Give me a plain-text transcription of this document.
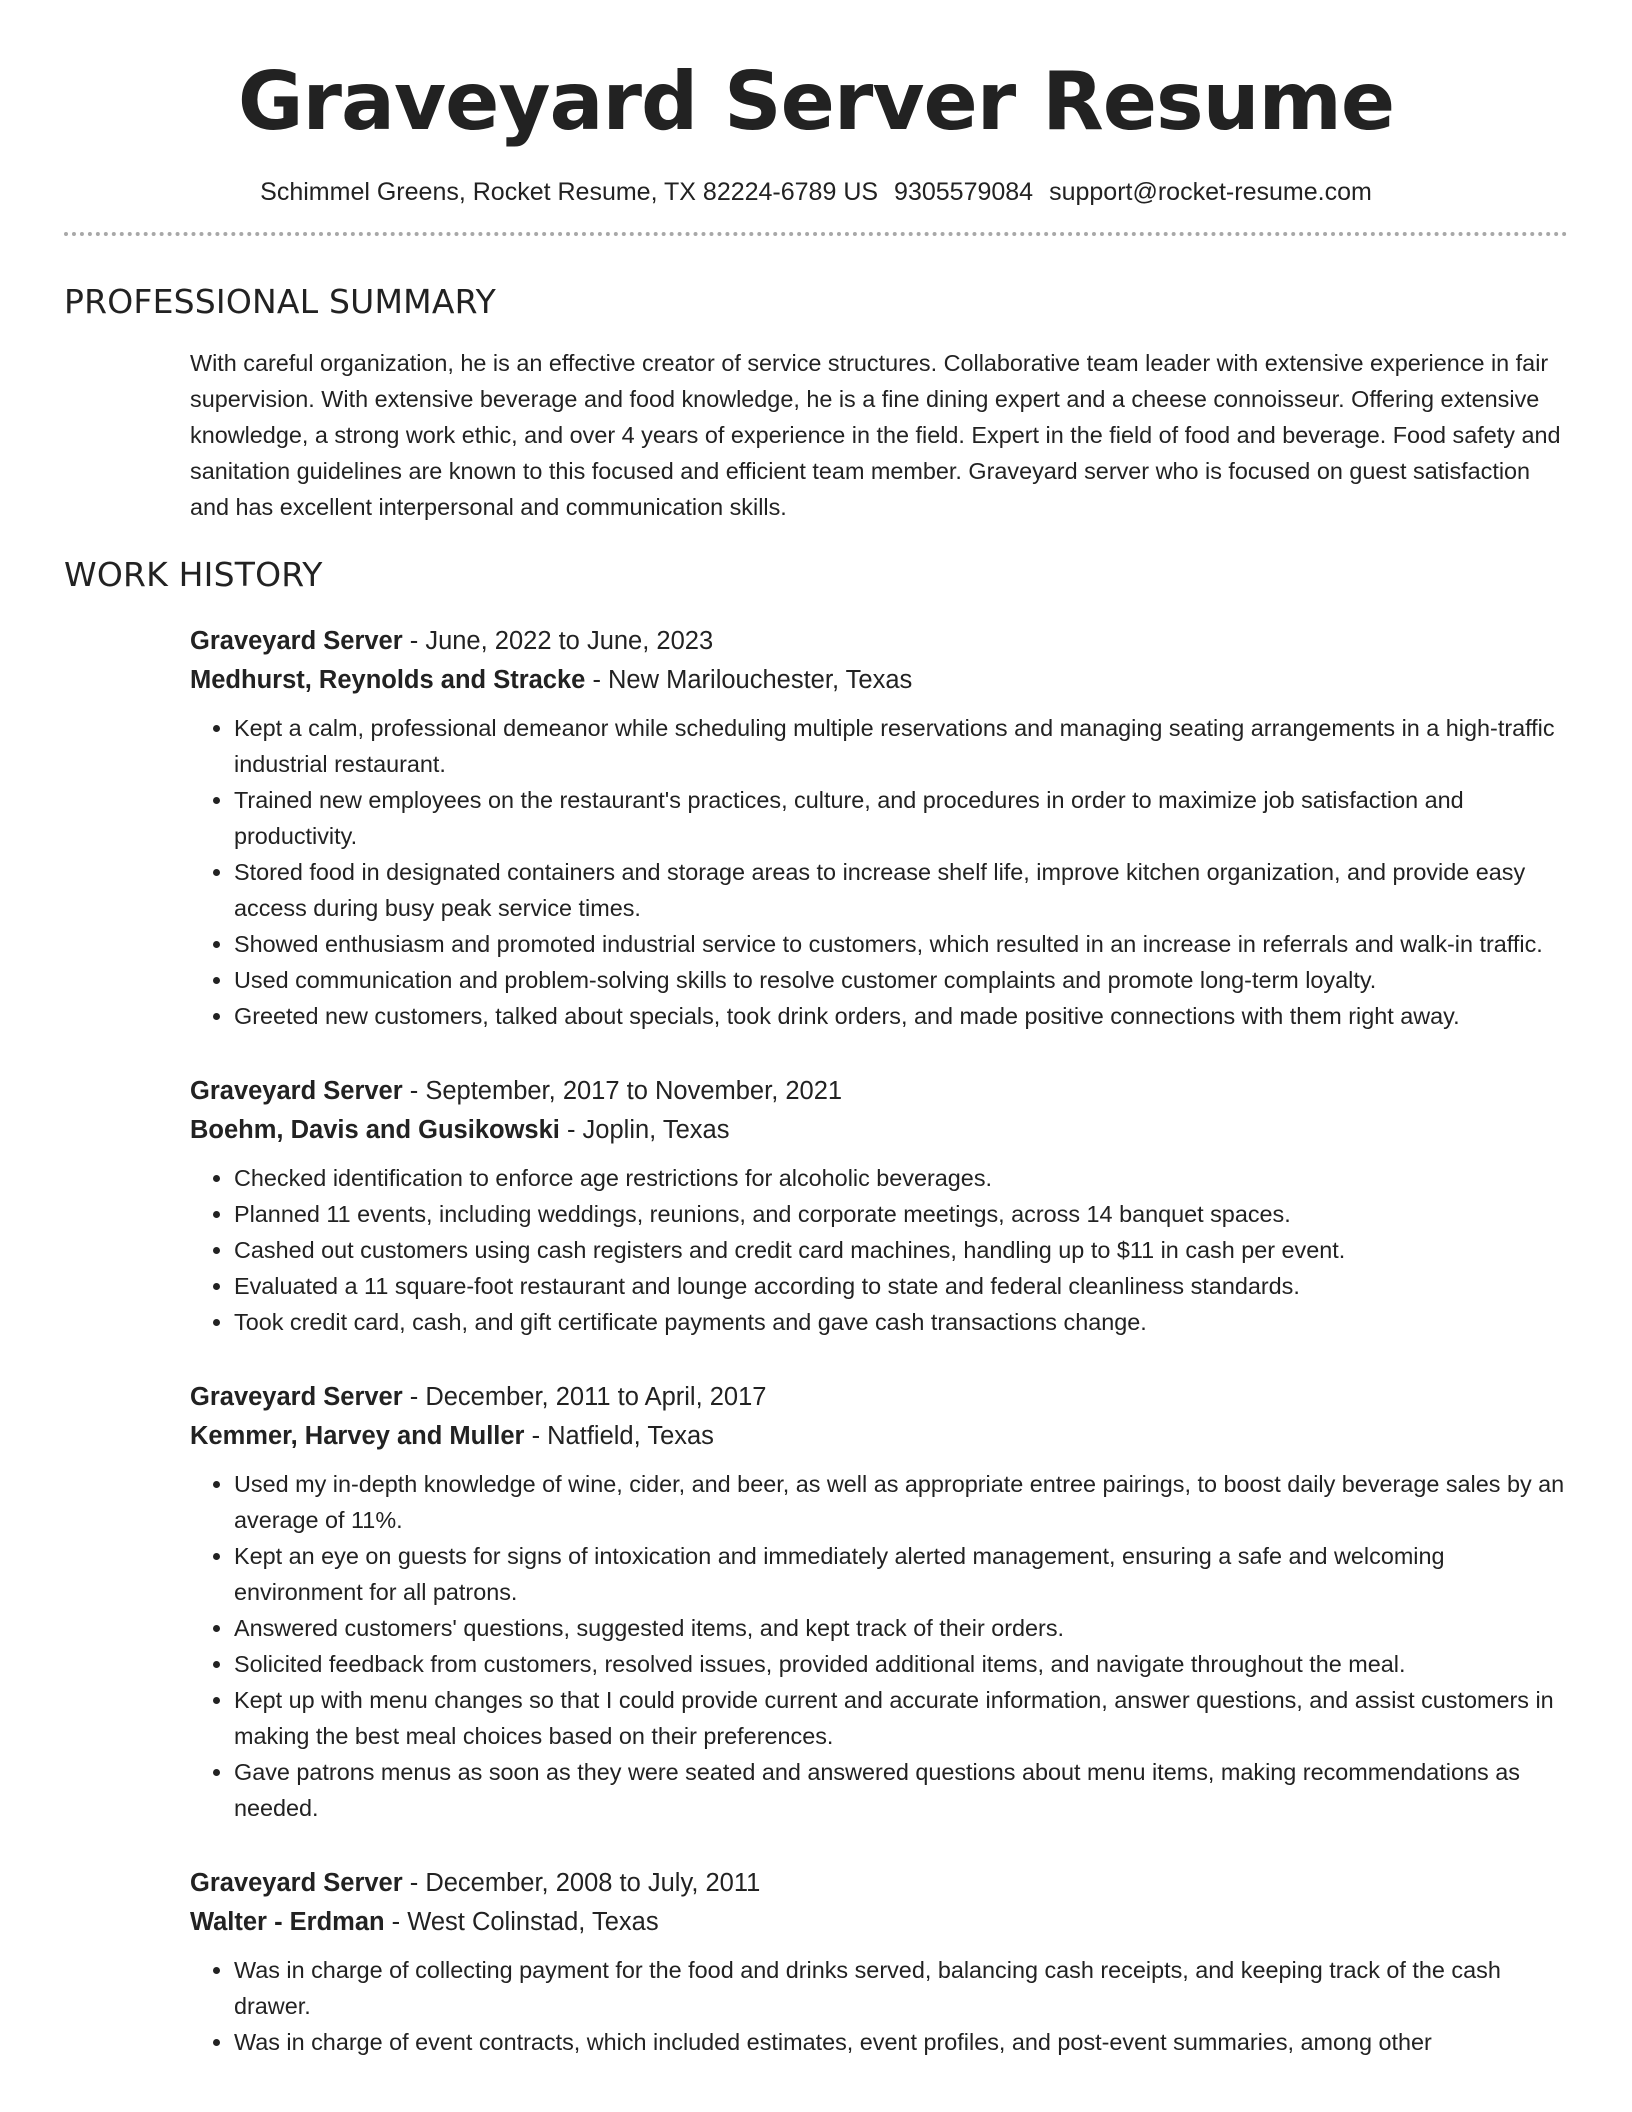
Graveyard Server Resume
Schimmel Greens, Rocket Resume, TX 82224-6789 US 9305579084 support@rocket-resume.com
PROFESSIONAL SUMMARY

With careful organization, he is an effective creator of service structures. Collaborative team leader with extensive experience in fair supervision. With extensive beverage and food knowledge, he is a fine dining expert and a cheese connoisseur. Offering extensive knowledge, a strong work ethic, and over 4 years of experience in the field. Expert in the field of food and beverage. Food safety and sanitation guidelines are known to this focused and efficient team member. Graveyard server who is focused on guest satisfaction and has excellent interpersonal and communication skills.

WORK HISTORY
Graveyard Server - June, 2022 to June, 2023
Medhurst, Reynolds and Stracke - New Marilouchester, Texas
• Kept a calm, professional demeanor while scheduling multiple reservations and managing seating arrangements in a high-traffic industrial restaurant.
• Trained new employees on the restaurant's practices, culture, and procedures in order to maximize job satisfaction and productivity.
• Stored food in designated containers and storage areas to increase shelf life, improve kitchen organization, and provide easy access during busy peak service times.
• Showed enthusiasm and promoted industrial service to customers, which resulted in an increase in referrals and walk-in traffic.
• Used communication and problem-solving skills to resolve customer complaints and promote long-term loyalty.
• Greeted new customers, talked about specials, took drink orders, and made positive connections with them right away.
Graveyard Server - September, 2017 to November, 2021
Boehm, Davis and Gusikowski - Joplin, Texas
• Checked identification to enforce age restrictions for alcoholic beverages.
• Planned 11 events, including weddings, reunions, and corporate meetings, across 14 banquet spaces.
• Cashed out customers using cash registers and credit card machines, handling up to $11 in cash per event.
• Evaluated a 11 square-foot restaurant and lounge according to state and federal cleanliness standards.
• Took credit card, cash, and gift certificate payments and gave cash transactions change.
Graveyard Server - December, 2011 to April, 2017
Kemmer, Harvey and Muller - Natfield, Texas
• Used my in-depth knowledge of wine, cider, and beer, as well as appropriate entree pairings, to boost daily beverage sales by an average of 11%.
• Kept an eye on guests for signs of intoxication and immediately alerted management, ensuring a safe and welcoming environment for all patrons.
• Answered customers' questions, suggested items, and kept track of their orders.
• Solicited feedback from customers, resolved issues, provided additional items, and navigate throughout the meal.
• Kept up with menu changes so that I could provide current and accurate information, answer questions, and assist customers in making the best meal choices based on their preferences.
• Gave patrons menus as soon as they were seated and answered questions about menu items, making recommendations as needed.
Graveyard Server - December, 2008 to July, 2011
Walter - Erdman - West Colinstad, Texas
• Was in charge of collecting payment for the food and drinks served, balancing cash receipts, and keeping track of the cash drawer.
• Was in charge of event contracts, which included estimates, event profiles, and post-event summaries, among other
